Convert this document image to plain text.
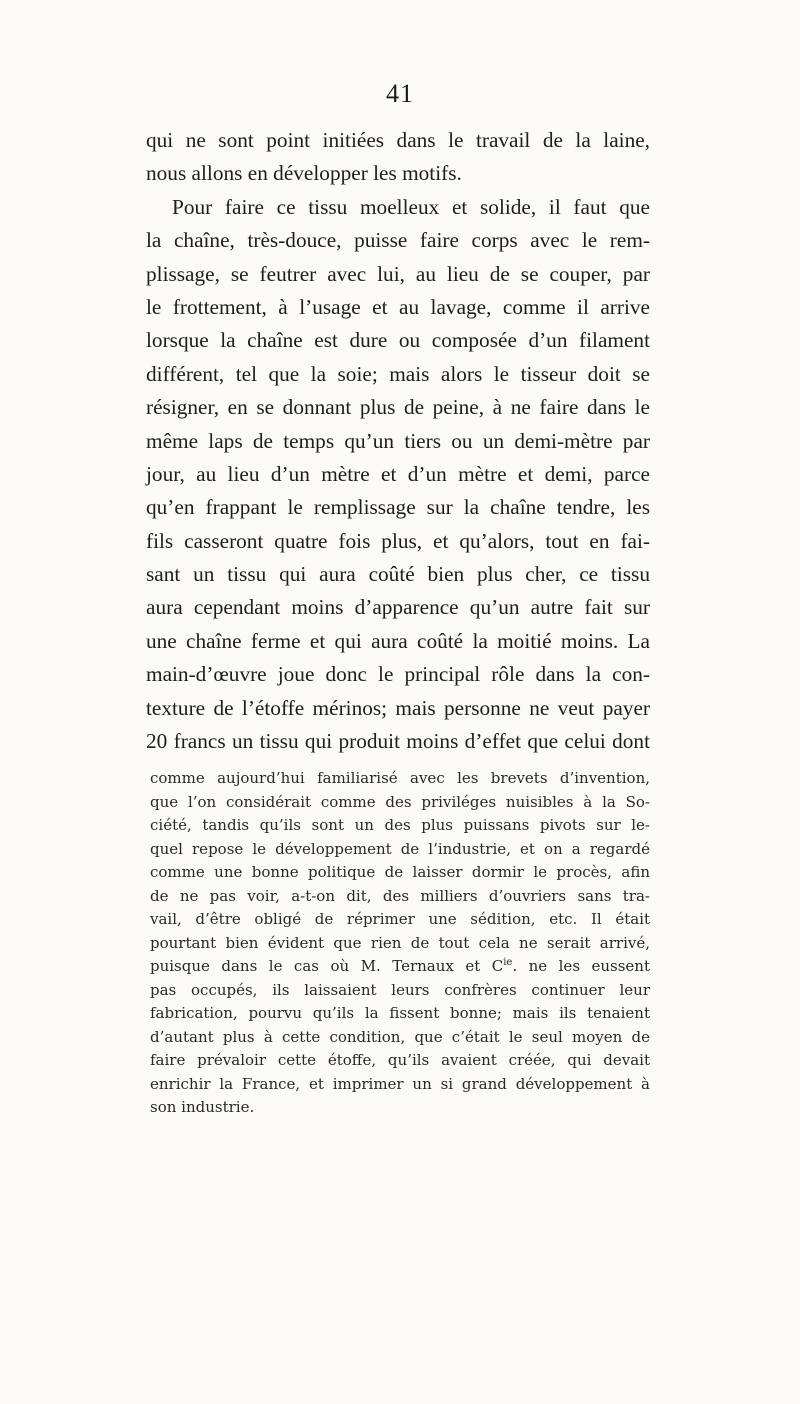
41
qui ne sont point initiées dans le travail de la laine,
nous allons en développer les motifs.
Pour faire ce tissu moelleux et solide, il faut que
la chaîne, très-douce, puisse faire corps avec le rem-
plissage, se feutrer avec lui, au lieu de se couper, par
le frottement, à l’usage et au lavage, comme il arrive
lorsque la chaîne est dure ou composée d’un filament
différent, tel que la soie; mais alors le tisseur doit se
résigner, en se donnant plus de peine, à ne faire dans le
même laps de temps qu’un tiers ou un demi-mètre par
jour, au lieu d’un mètre et d’un mètre et demi, parce
qu’en frappant le remplissage sur la chaîne tendre, les
fils casseront quatre fois plus, et qu’alors, tout en fai-
sant un tissu qui aura coûté bien plus cher, ce tissu
aura cependant moins d’apparence qu’un autre fait sur
une chaîne ferme et qui aura coûté la moitié moins. La
main-d’œuvre joue donc le principal rôle dans la con-
texture de l’étoffe mérinos; mais personne ne veut payer
20 francs un tissu qui produit moins d’effet que celui dont
comme aujourd’hui familiarisé avec les brevets d’invention,
que l’on considérait comme des priviléges nuisibles à la So-
ciété, tandis qu’ils sont un des plus puissans pivots sur le-
quel repose le développement de l’industrie, et on a regardé
comme une bonne politique de laisser dormir le procès, afin
de ne pas voir, a-t-on dit, des milliers d’ouvriers sans tra-
vail, d’être obligé de réprimer une sédition, etc. Il était
pourtant bien évident que rien de tout cela ne serait arrivé,
puisque dans le cas où M. Ternaux et $C^{ie}$. ne les eussent
pas occupés, ils laissaient leurs confrères continuer leur
fabrication, pourvu qu’ils la fissent bonne; mais ils tenaient
d’autant plus à cette condition, que c’était le seul moyen de
faire prévaloir cette étoffe, qu’ils avaient créée, qui devait
enrichir la France, et imprimer un si grand développement à
son industrie.
